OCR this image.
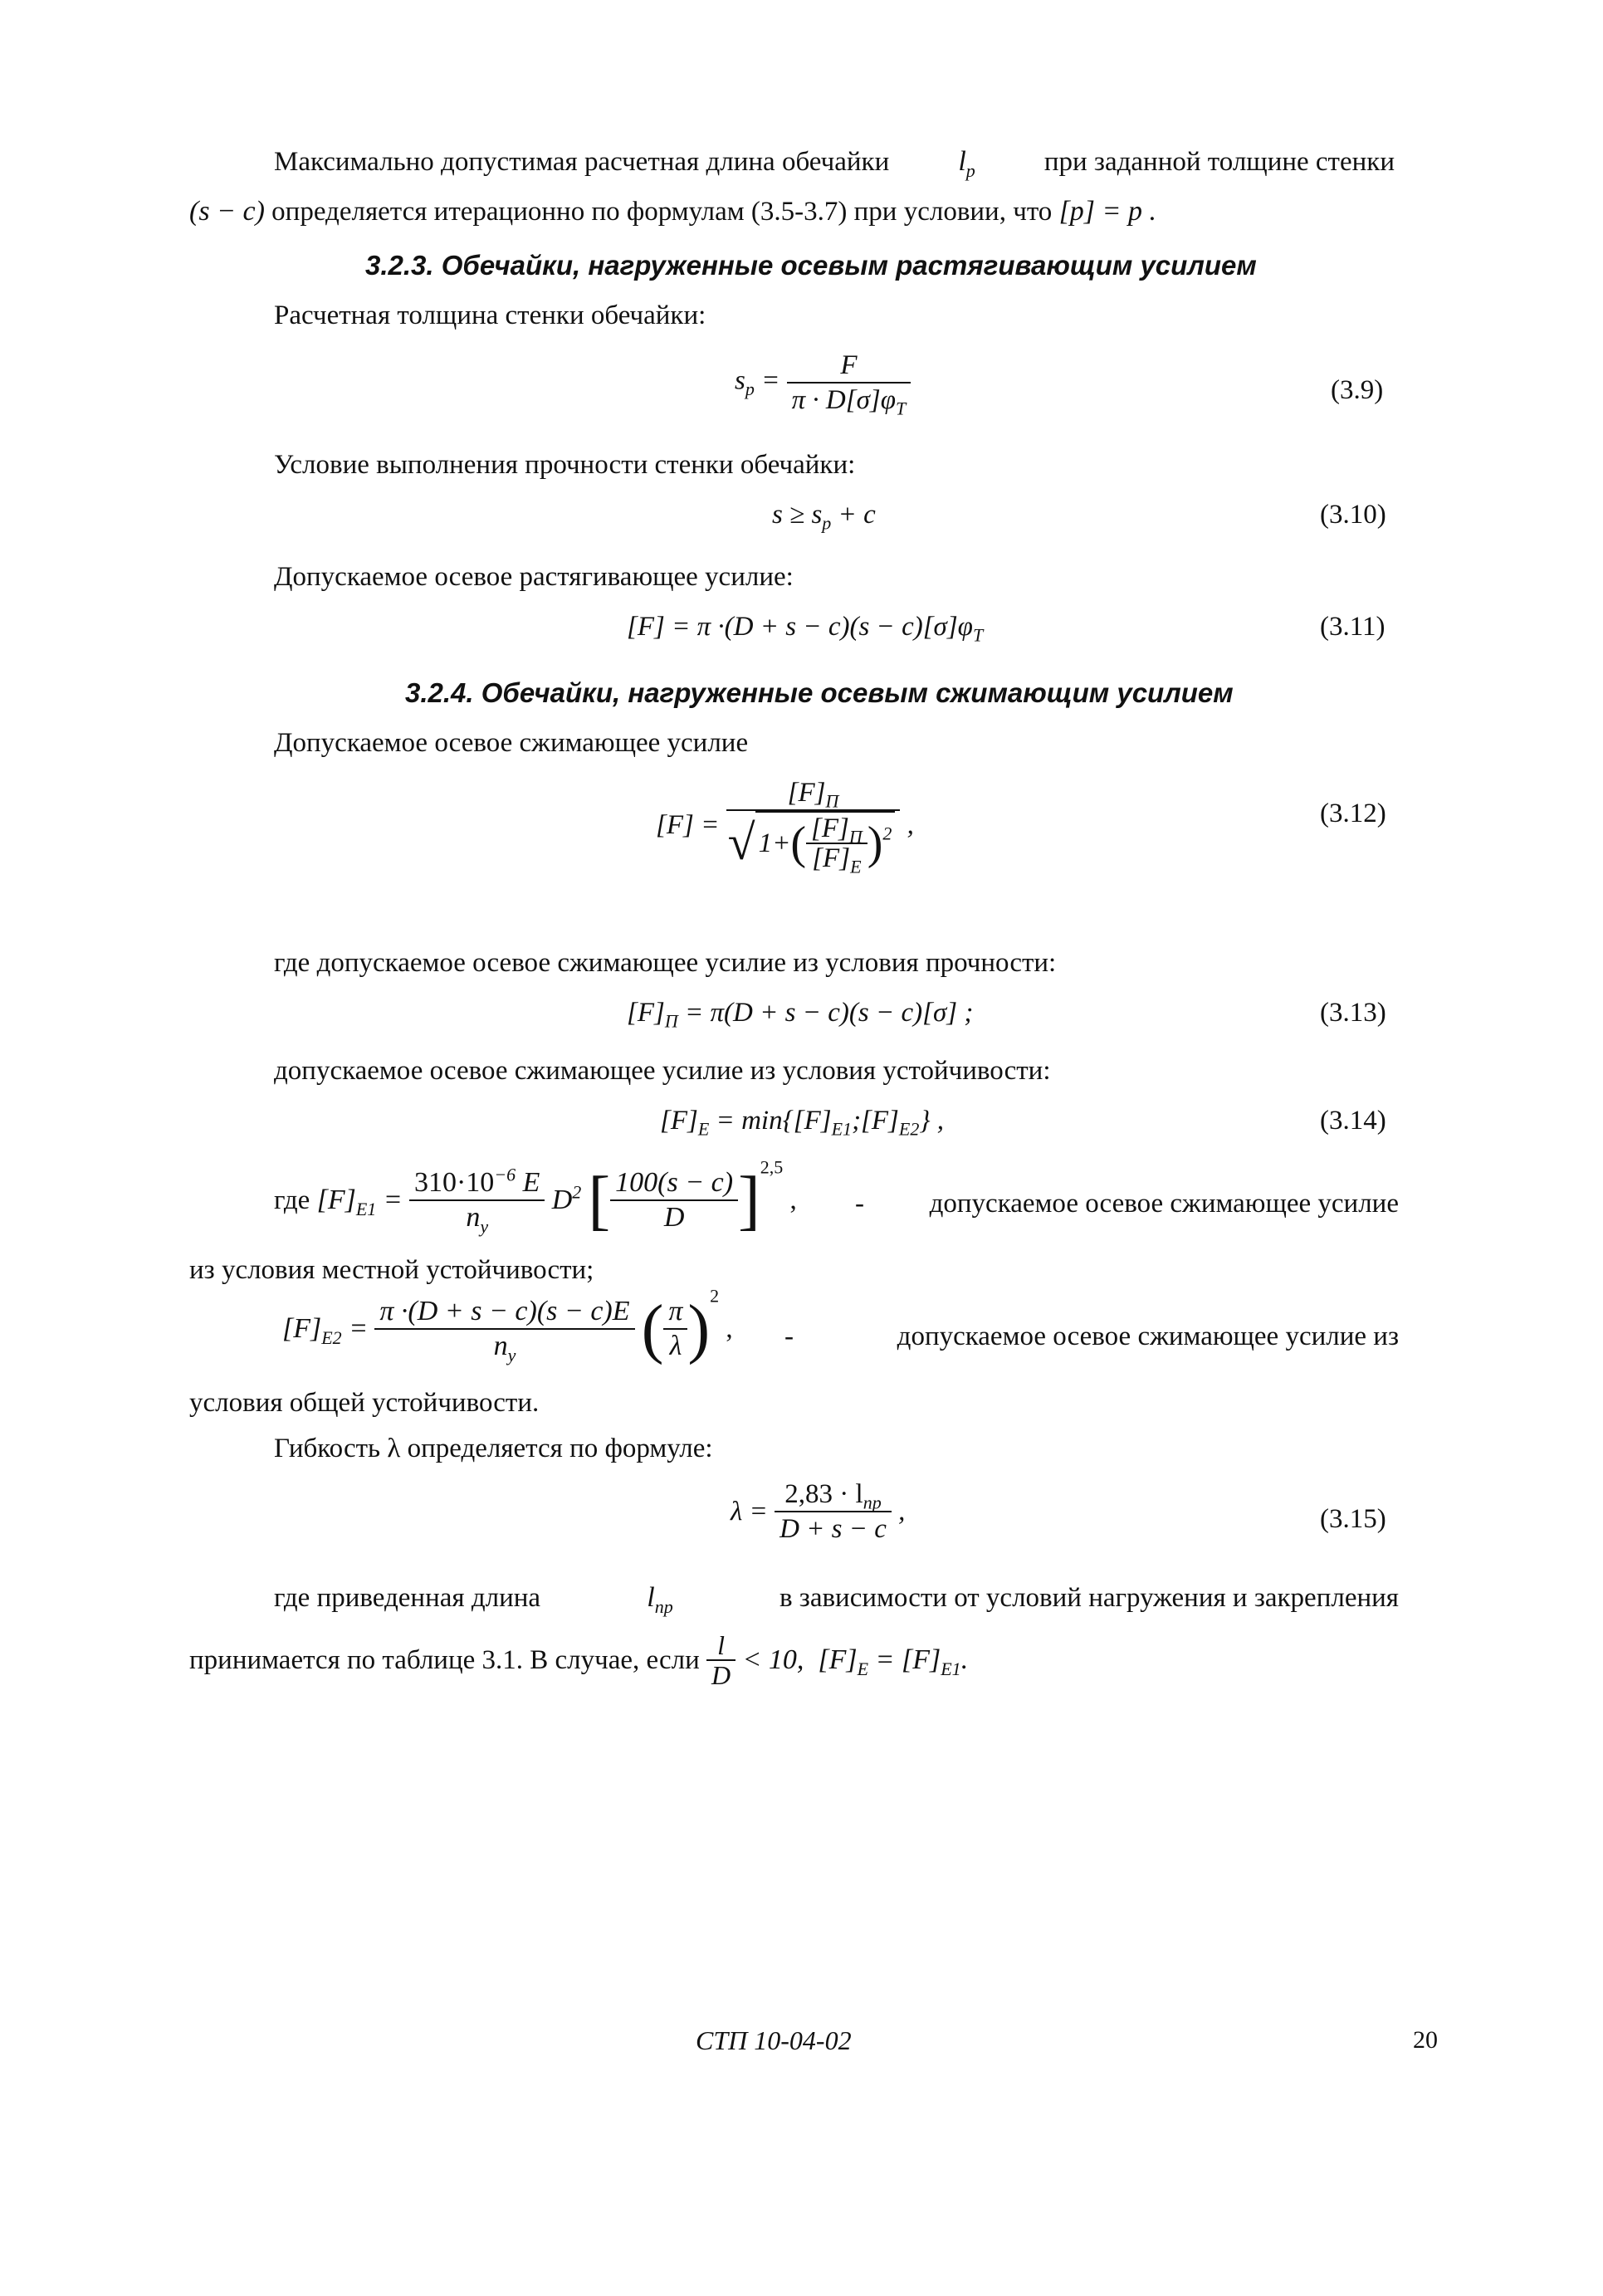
Максимально допустимая расчетная длина обечайки $l_p$	при заданной толщине стенки
(s − c) определяется итерационно по формулам (3.5-3.7) при условии, что [p] = p .
3.2.3. Обечайки, нагруженные осевым растягивающим усилием
Расчетная толщина стенки обечайки:
$s_p = \frac{F}{\pi \cdot D[\sigma]\varphi_T}$	(3.9)
Условие выполнения прочности стенки обечайки:
$s \ge s_p + c$	(3.10)
Допускаемое осевое растягивающее усилие:
$[F] = \pi \cdot(D + s - c)(s - c)[\sigma]\varphi_T$	(3.11)
3.2.4. Обечайки, нагруженные осевым сжимающим усилием
Допускаемое осевое сжимающее усилие
$[F] = \frac{[F]_П}{√ 1+( \frac{[F]_П}{[F]_E} )^2}$ ,	(3.12)
где допускаемое осевое сжимающее усилие из условия прочности:
$[F]_П = \pi(D + s - c)(s - c)[\sigma]$ ;	(3.13)
допускаемое осевое сжимающее усилие из условия устойчивости:
$[F]_E$ = $\min\{[F]_{E1};[F]_{E2}\}$ ,	(3.14)
где $[F]_{E1} = \frac{310\cdot 10^{-6} E}{n_y} D^2$ [ $\frac{100(s - c)}{D} ]^{2,5}$ , - допускаемое осевое сжимающее усилие
из условия местной устойчивости;
$[F]_{E2} = \frac{\pi \cdot(D + s - c)(s - c)E}{n_y}$ ( $\frac{\pi}{\lambda} )^2$ , -	допускаемое осевое сжимающее усилие из
условия общей устойчивости.
Гибкость λ определяется по формуле:
$\lambda = \frac{2,83 \cdot l_{пр}}{D + s - c}$ ,	(3.15)
где приведенная длина	$l_{пр}$	в зависимости от условий нагружения и закрепления
принимается по таблице 3.1. В случае, если $\frac{l}{D} < 10$, $[F]_E = [F]_{E1}$.
СТП 10-04-02	20
